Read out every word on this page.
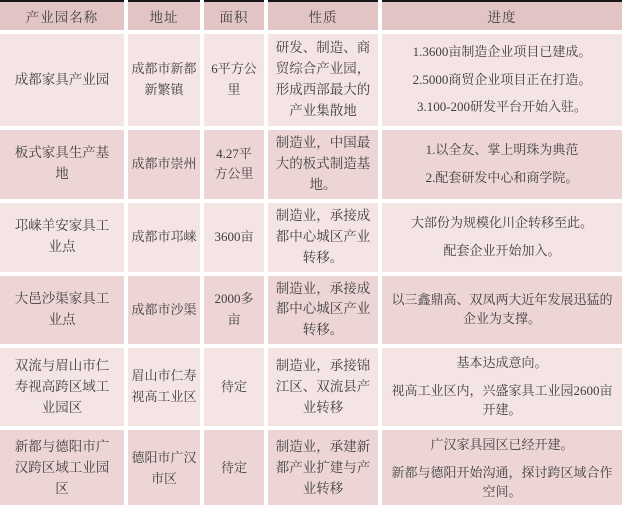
产业园名称	地址	面积	性质	进度
成都家具产业园	成都市新都新繁镇	6平方公里	研发、制造、商贸综合产业园，形成西部最大的产业集散地	1.3600亩制造企业项目已建成。
2.5000商贸企业项目正在打造。
3.100-200研发平台开始入驻。

板式家具生产基地	成都市崇州	4.27平方公里	制造业，中国最大的板式制造基地。	1.以全友、掌上明珠为典范
2.配套研发中心和商学院。

邛崃羊安家具工业点	成都市邛崃	3600亩	制造业，承接成都中心城区产业转移。	大部份为规模化川企转移至此。
配套企业开始加入。

大邑沙渠家具工业点	成都市沙渠	2000多亩	制造业，承接成都中心城区产业转移。	以三鑫鼎高、双凤两大近年发展迅猛的企业为支撑。

双流与眉山市仁寿视高跨区域工业园区	眉山市仁寿视高工业区	待定	制造业，承接锦江区、双流县产业转移	基本达成意向。
视高工业区内，兴盛家具工业园2600亩开建。

新都与德阳市广汉跨区域工业园区	德阳市广汉市区	待定	制造业，承建新都产业扩建与产业转移	广汉家具园区已经开建。
新都与德阳开始沟通，探讨跨区域合作空间。
